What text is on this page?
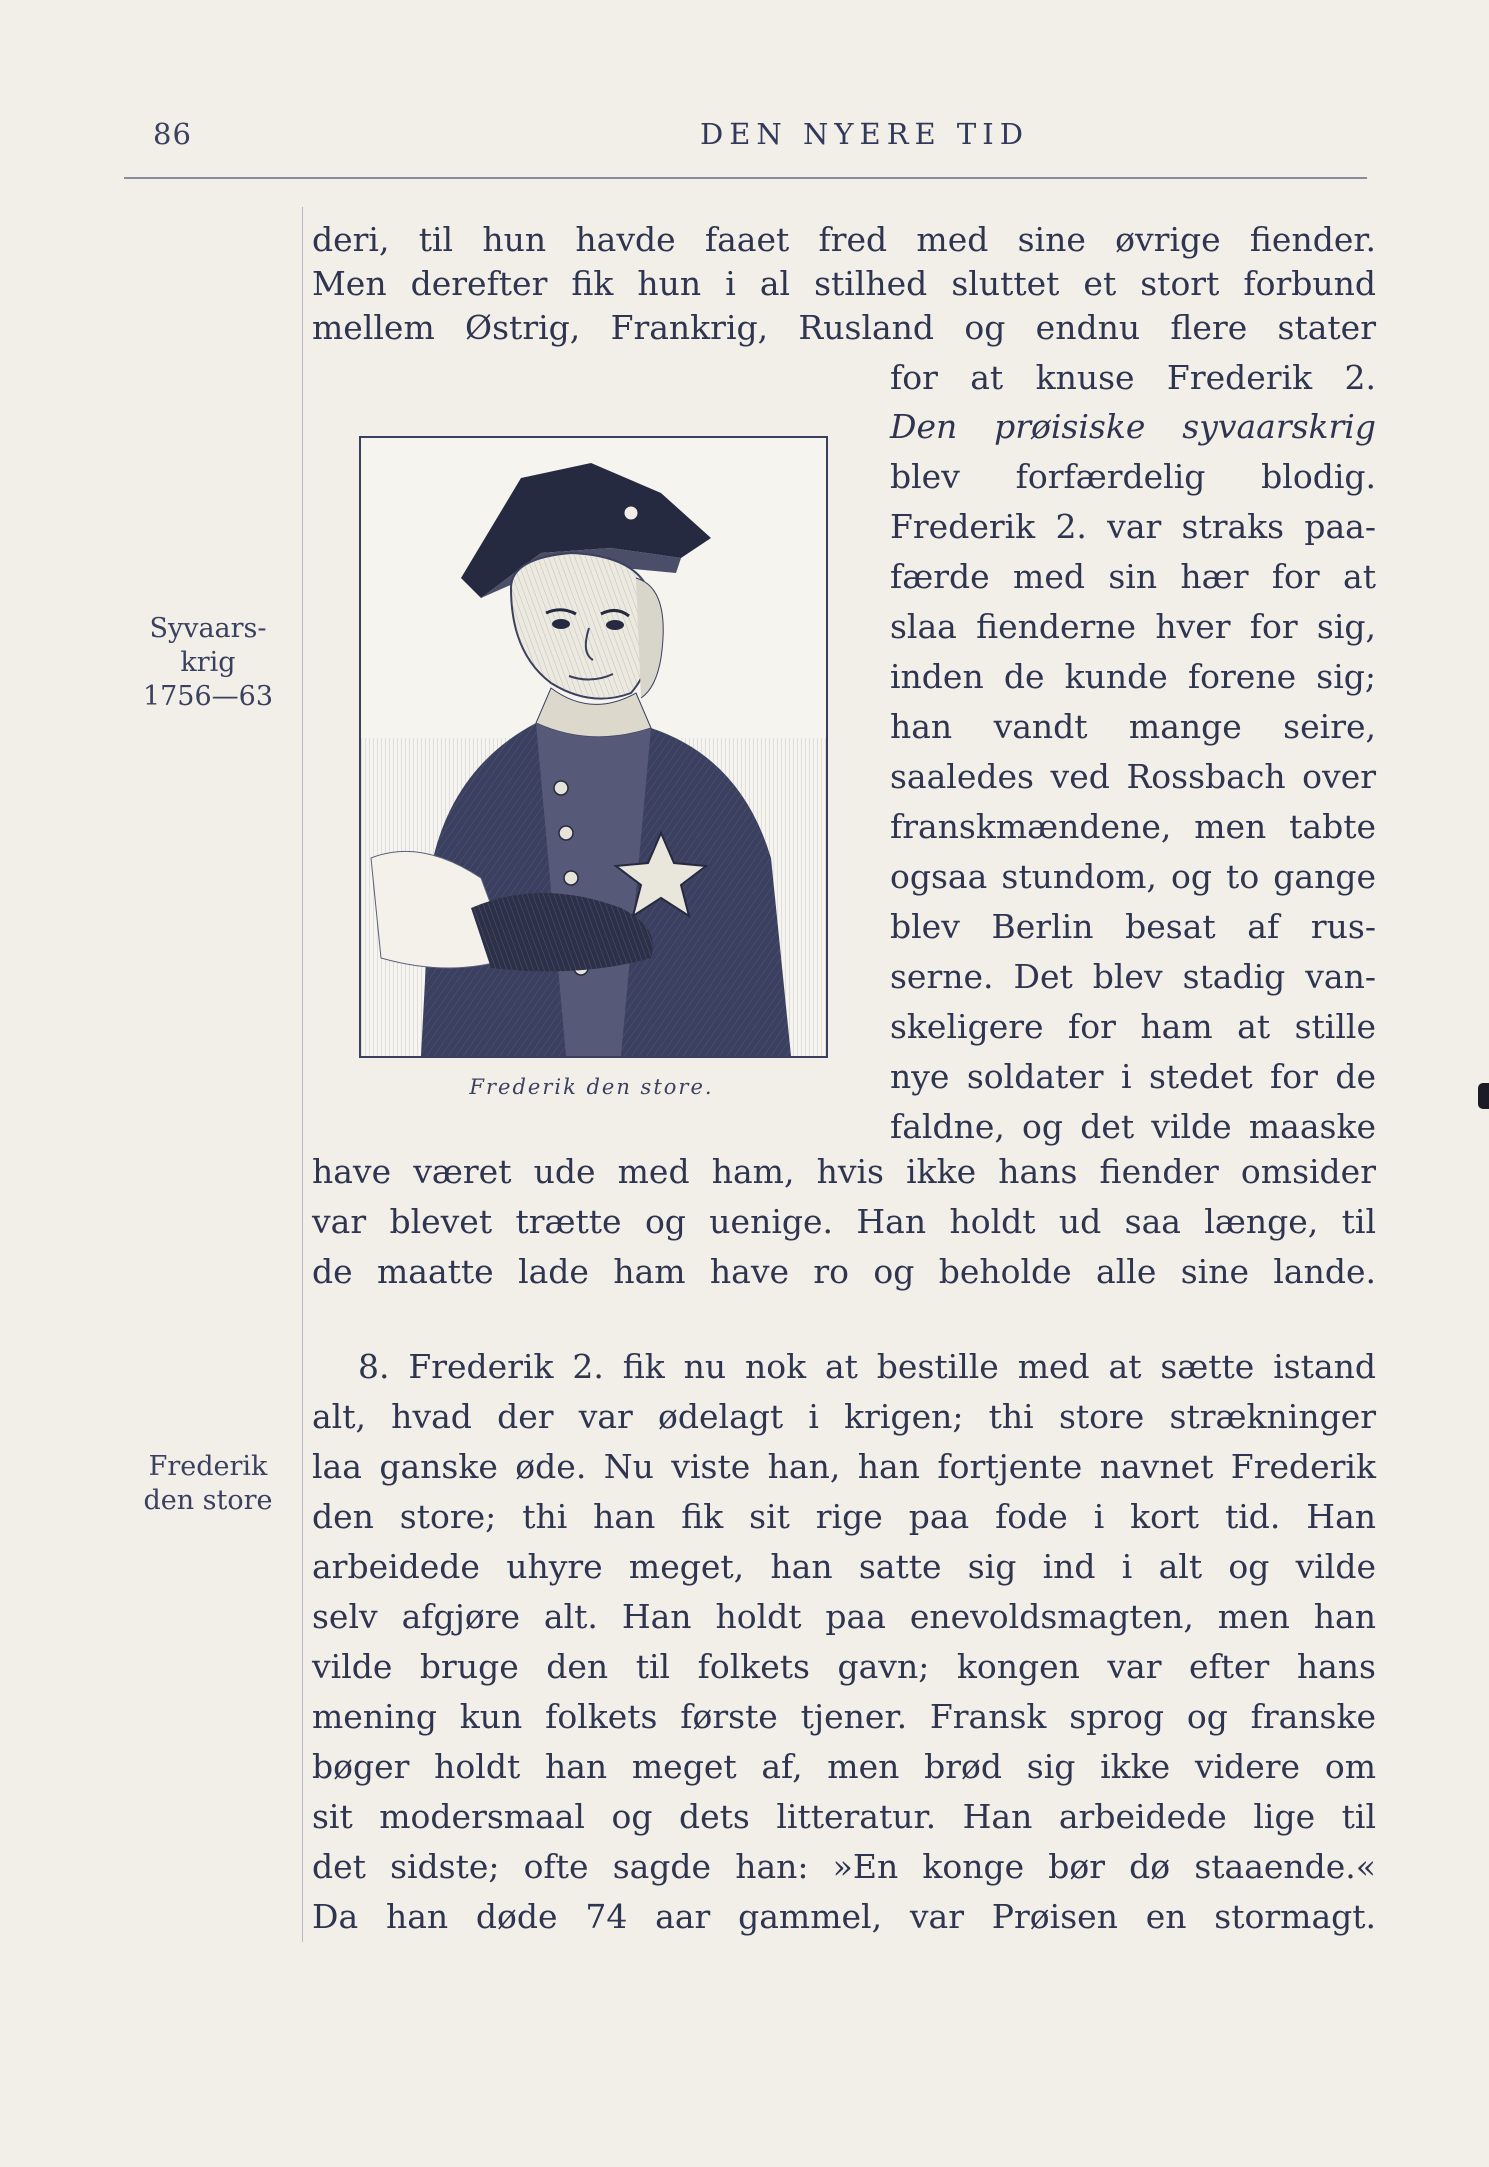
86	DEN NYERE TID
Syvaars-
krig
1756—63
Frederik
den store
Frederik den store.
deri, til hun havde faaet fred med sine øvrige fiender.
Men derefter fik hun i al stilhed sluttet et stort forbund
mellem Østrig, Frankrig, Rusland og endnu flere stater
for at knuse Frederik 2.
Den prøisiske syvaarskrig
blev forfærdelig blodig.
Frederik 2. var straks paa-
færde med sin hær for at
slaa fienderne hver for sig,
inden de kunde forene sig;
han vandt mange seire,
saaledes ved Rossbach over
franskmændene, men tabte
ogsaa stundom, og to gange
blev Berlin besat af rus-
serne. Det blev stadig van-
skeligere for ham at stille
nye soldater i stedet for de
faldne, og det vilde maaske
have været ude med ham, hvis ikke hans fiender omsider
var blevet trætte og uenige. Han holdt ud saa længe, til
de maatte lade ham have ro og beholde alle sine lande.
8. Frederik 2. fik nu nok at bestille med at sætte istand
alt, hvad der var ødelagt i krigen; thi store strækninger
laa ganske øde. Nu viste han, han fortjente navnet Frederik
den store; thi han fik sit rige paa fode i kort tid. Han
arbeidede uhyre meget, han satte sig ind i alt og vilde
selv afgjøre alt. Han holdt paa enevoldsmagten, men han
vilde bruge den til folkets gavn; kongen var efter hans
mening kun folkets første tjener. Fransk sprog og franske
bøger holdt han meget af, men brød sig ikke videre om
sit modersmaal og dets litteratur. Han arbeidede lige til
det sidste; ofte sagde han: »En konge bør dø staaende.«
Da han døde 74 aar gammel, var Prøisen en stormagt.
